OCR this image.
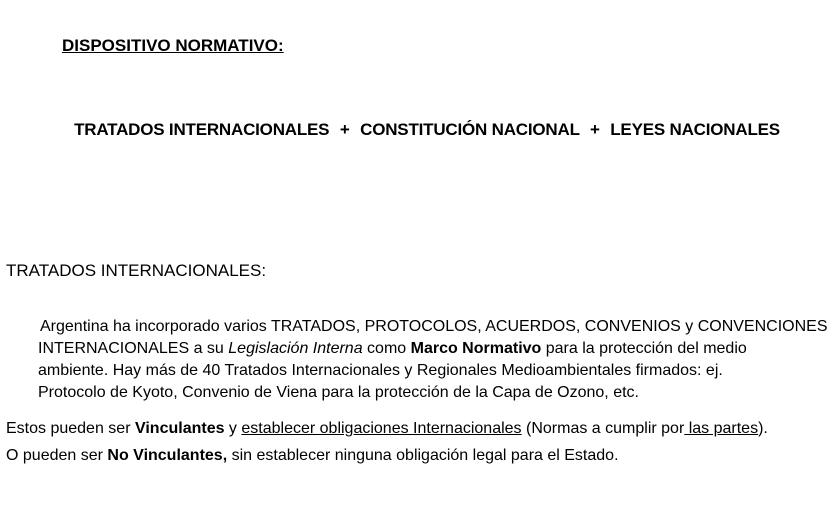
DISPOSITIVO NORMATIVO:
TRATADOS INTERNACIONALES + CONSTITUCIÓN NACIONAL + LEYES NACIONALES
TRATADOS INTERNACIONALES:
Argentina ha incorporado varios TRATADOS, PROTOCOLOS, ACUERDOS, CONVENIOS y CONVENCIONES
INTERNACIONALES a su Legislación Interna como Marco Normativo para la protección del medio
ambiente. Hay más de 40 Tratados Internacionales y Regionales Medioambientales firmados: ej.
Protocolo de Kyoto, Convenio de Viena para la protección de la Capa de Ozono, etc.
Estos pueden ser Vinculantes y establecer obligaciones Internacionales (Normas a cumplir por las partes).
O pueden ser No Vinculantes, sin establecer ninguna obligación legal para el Estado.
